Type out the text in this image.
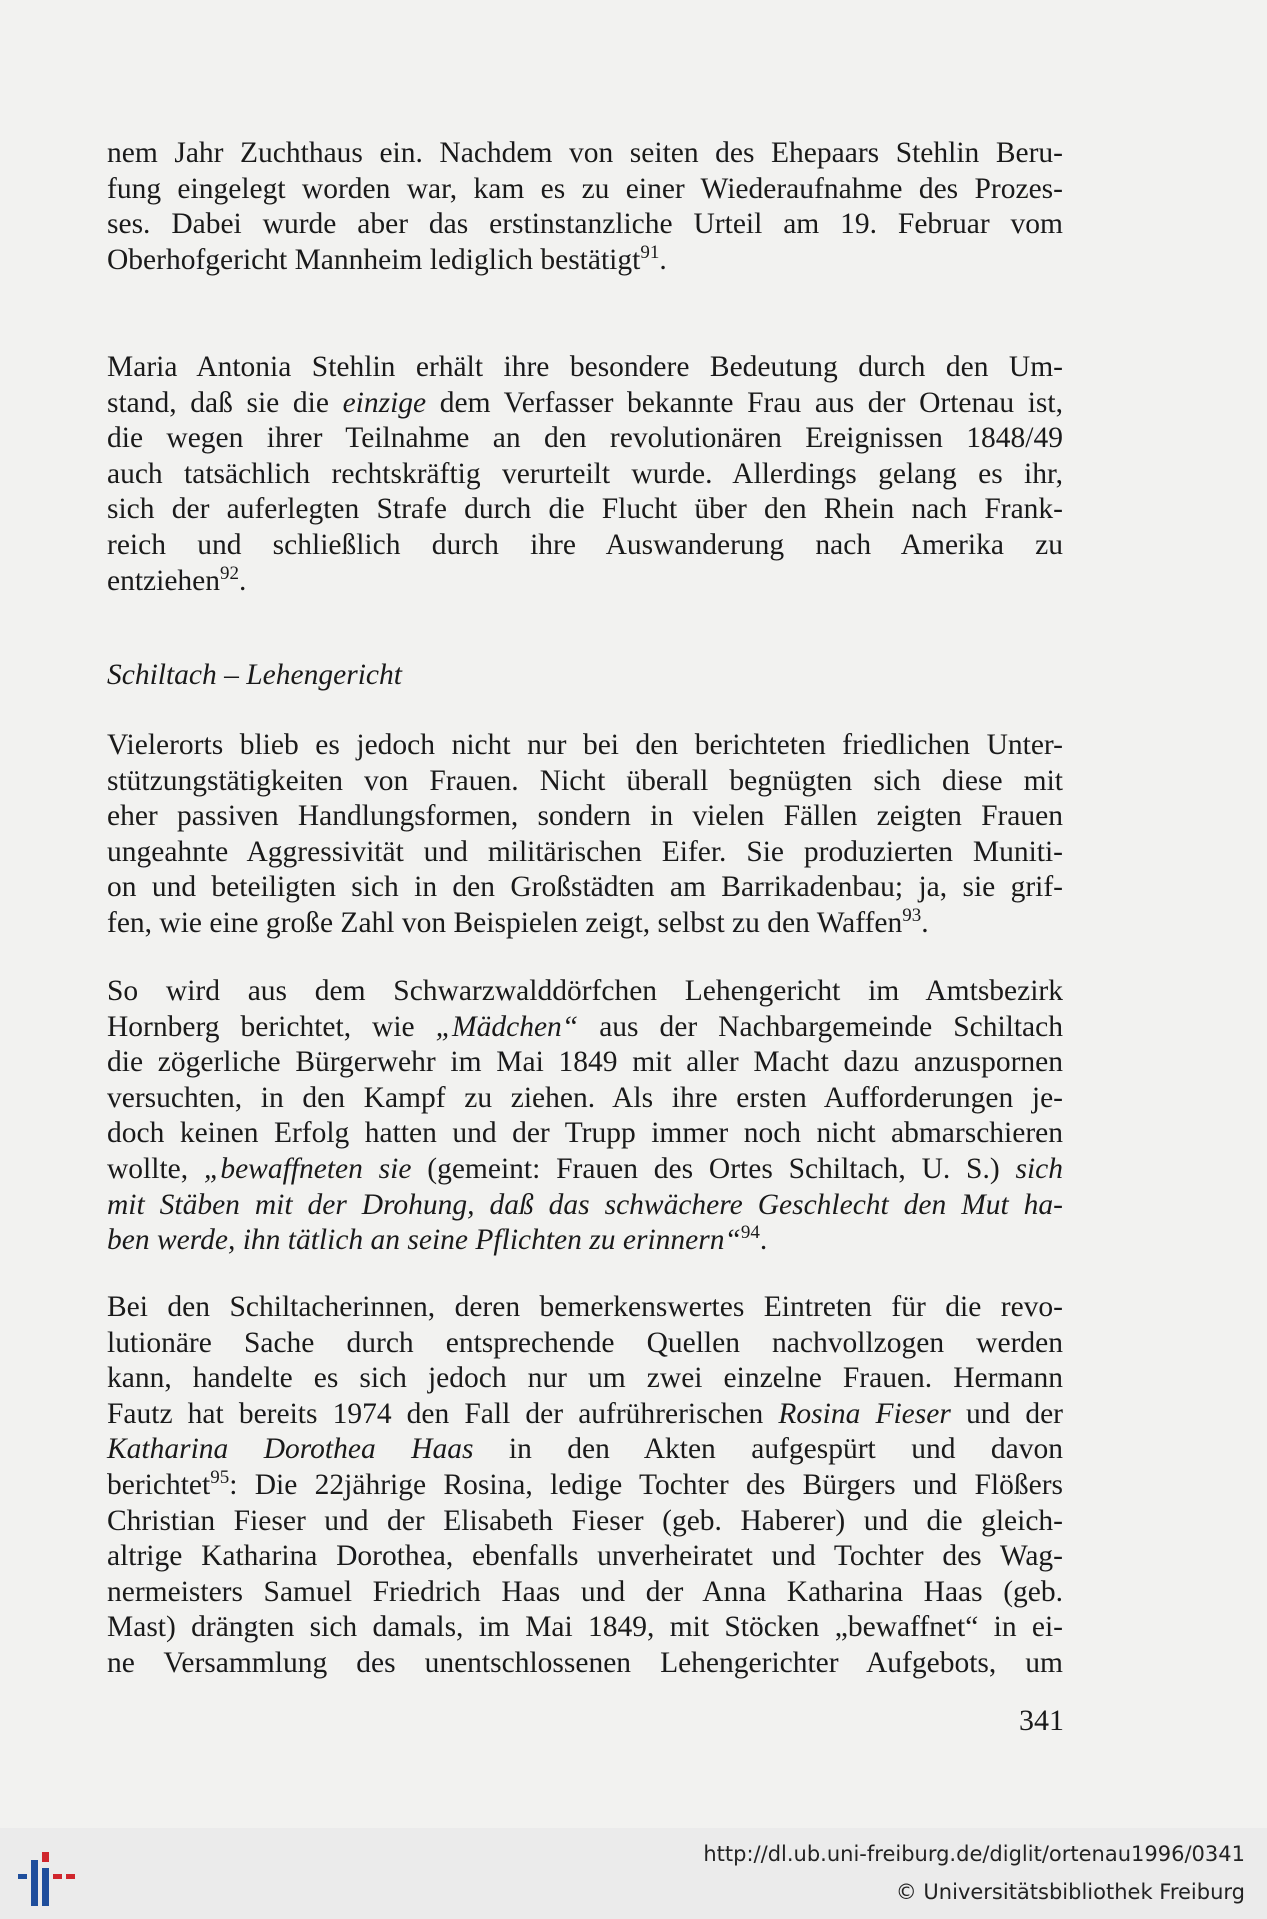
nem Jahr Zuchthaus ein. Nachdem von seiten des Ehepaars Stehlin Beru-
fung eingelegt worden war, kam es zu einer Wiederaufnahme des Prozes-
ses. Dabei wurde aber das erstinstanzliche Urteil am 19. Februar vom
Oberhofgericht Mannheim lediglich bestätigt$^{91}$.
Maria Antonia Stehlin erhält ihre besondere Bedeutung durch den Um-
stand, daß sie die einzige dem Verfasser bekannte Frau aus der Ortenau ist,
die wegen ihrer Teilnahme an den revolutionären Ereignissen 1848/49
auch tatsächlich rechtskräftig verurteilt wurde. Allerdings gelang es ihr,
sich der auferlegten Strafe durch die Flucht über den Rhein nach Frank-
reich und schließlich durch ihre Auswanderung nach Amerika zu
entziehen$^{92}$.
Schiltach – Lehengericht
Vielerorts blieb es jedoch nicht nur bei den berichteten friedlichen Unter-
stützungstätigkeiten von Frauen. Nicht überall begnügten sich diese mit
eher passiven Handlungsformen, sondern in vielen Fällen zeigten Frauen
ungeahnte Aggressivität und militärischen Eifer. Sie produzierten Muniti-
on und beteiligten sich in den Großstädten am Barrikadenbau; ja, sie grif-
fen, wie eine große Zahl von Beispielen zeigt, selbst zu den Waffen$^{93}$.
So wird aus dem Schwarzwalddörfchen Lehengericht im Amtsbezirk
Hornberg berichtet, wie „Mädchen“ aus der Nachbargemeinde Schiltach
die zögerliche Bürgerwehr im Mai 1849 mit aller Macht dazu anzuspornen
versuchten, in den Kampf zu ziehen. Als ihre ersten Aufforderungen je-
doch keinen Erfolg hatten und der Trupp immer noch nicht abmarschieren
wollte, „bewaffneten sie (gemeint: Frauen des Ortes Schiltach, U. S.) sich
mit Stäben mit der Drohung, daß das schwächere Geschlecht den Mut ha-
ben werde, ihn tätlich an seine Pflichten zu erinnern“$^{94}$.
Bei den Schiltacherinnen, deren bemerkenswertes Eintreten für die revo-
lutionäre Sache durch entsprechende Quellen nachvollzogen werden
kann, handelte es sich jedoch nur um zwei einzelne Frauen. Hermann
Fautz hat bereits 1974 den Fall der aufrührerischen Rosina Fieser und der
Katharina Dorothea Haas in den Akten aufgespürt und davon
berichtet$^{95}$: Die 22jährige Rosina, ledige Tochter des Bürgers und Flößers
Christian Fieser und der Elisabeth Fieser (geb. Haberer) und die gleich-
altrige Katharina Dorothea, ebenfalls unverheiratet und Tochter des Wag-
nermeisters Samuel Friedrich Haas und der Anna Katharina Haas (geb.
Mast) drängten sich damals, im Mai 1849, mit Stöcken „bewaffnet“ in ei-
ne Versammlung des unentschlossenen Lehengerichter Aufgebots, um
341
http://dl.ub.uni-freiburg.de/diglit/ortenau1996/0341
© Universitätsbibliothek Freiburg
